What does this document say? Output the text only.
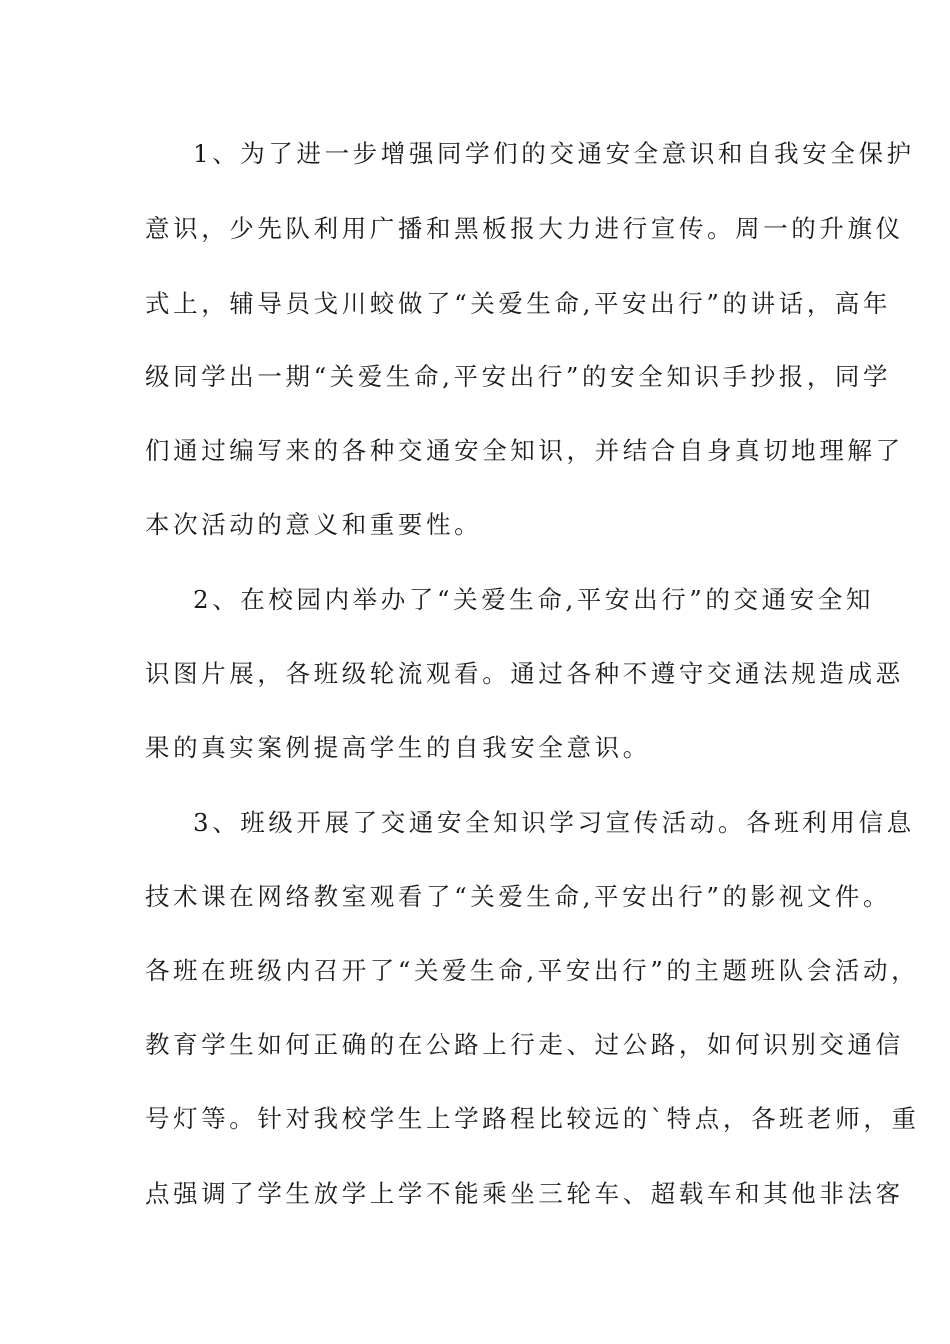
1、为了进一步增强同学们的交通安全意识和自我安全保护
意识，少先队利用广播和黑板报大力进行宣传。周一的升旗仪
式上，辅导员戈川蛟做了“关爱生命,平安出行”的讲话，高年
级同学出一期“关爱生命,平安出行”的安全知识手抄报，同学
们通过编写来的各种交通安全知识，并结合自身真切地理解了
本次活动的意义和重要性。
2、在校园内举办了“关爱生命,平安出行”的交通安全知
识图片展，各班级轮流观看。通过各种不遵守交通法规造成恶
果的真实案例提高学生的自我安全意识。
3、班级开展了交通安全知识学习宣传活动。各班利用信息
技术课在网络教室观看了“关爱生命,平安出行”的影视文件。
各班在班级内召开了“关爱生命,平安出行”的主题班队会活动，
教育学生如何正确的在公路上行走、过公路，如何识别交通信
号灯等。针对我校学生上学路程比较远的`特点，各班老师，重
点强调了学生放学上学不能乘坐三轮车、超载车和其他非法客
